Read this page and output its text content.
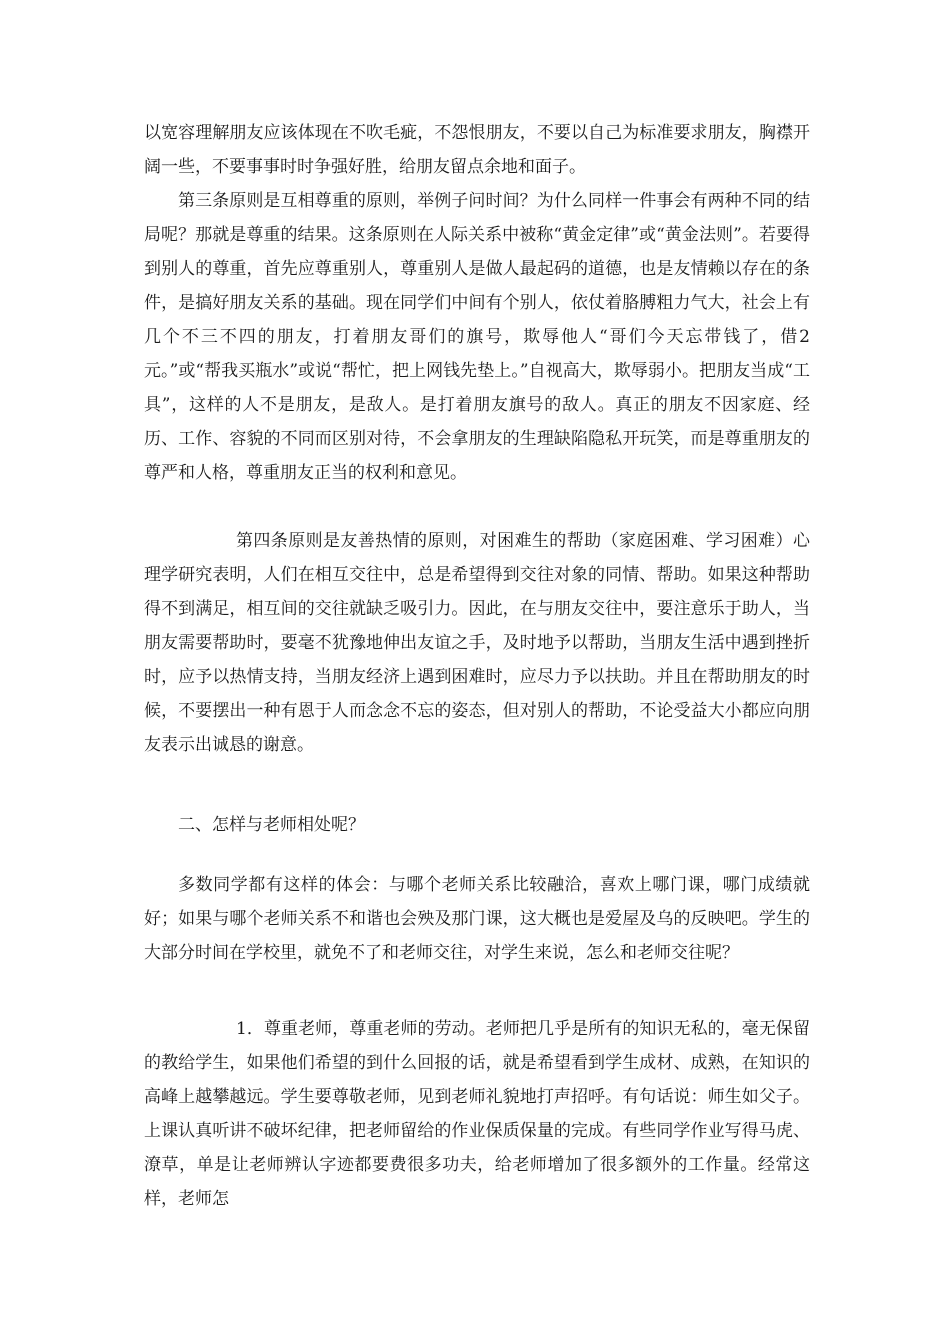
以宽容理解朋友应该体现在不吹毛疵，不怨恨朋友，不要以自己为标准要求朋友，胸襟开阔一些，不要事事时时争强好胜，给朋友留点余地和面子。

第三条原则是互相尊重的原则，举例子问时间？为什么同样一件事会有两种不同的结局呢？那就是尊重的结果。这条原则在人际关系中被称“黄金定律”或“黄金法则”。若要得到别人的尊重，首先应尊重别人，尊重别人是做人最起码的道德，也是友情赖以存在的条件，是搞好朋友关系的基础。现在同学们中间有个别人，依仗着胳膊粗力气大，社会上有几个不三不四的朋友，打着朋友哥们的旗号，欺辱他人“哥们今天忘带钱了，借2元。”或“帮我买瓶水”或说“帮忙，把上网钱先垫上。”自视高大，欺辱弱小。把朋友当成“工具”，这样的人不是朋友，是敌人。是打着朋友旗号的敌人。真正的朋友不因家庭、经历、工作、容貌的不同而区别对待，不会拿朋友的生理缺陷隐私开玩笑，而是尊重朋友的尊严和人格，尊重朋友正当的权利和意见。

第四条原则是友善热情的原则，对困难生的帮助（家庭困难、学习困难）心理学研究表明，人们在相互交往中，总是希望得到交往对象的同情、帮助。如果这种帮助得不到满足，相互间的交往就缺乏吸引力。因此，在与朋友交往中，要注意乐于助人，当朋友需要帮助时，要毫不犹豫地伸出友谊之手，及时地予以帮助，当朋友生活中遇到挫折时，应予以热情支持，当朋友经济上遇到困难时，应尽力予以扶助。并且在帮助朋友的时候，不要摆出一种有恩于人而念念不忘的姿态，但对别人的帮助，不论受益大小都应向朋友表示出诚恳的谢意。

二、怎样与老师相处呢？

多数同学都有这样的体会：与哪个老师关系比较融洽，喜欢上哪门课，哪门成绩就好；如果与哪个老师关系不和谐也会殃及那门课，这大概也是爱屋及乌的反映吧。学生的大部分时间在学校里，就免不了和老师交往，对学生来说，怎么和老师交往呢？

1．尊重老师，尊重老师的劳动。老师把几乎是所有的知识无私的，毫无保留的教给学生，如果他们希望的到什么回报的话，就是希望看到学生成材、成熟，在知识的高峰上越攀越远。学生要尊敬老师，见到老师礼貌地打声招呼。有句话说：师生如父子。上课认真听讲不破坏纪律，把老师留给的作业保质保量的完成。有些同学作业写得马虎、潦草，单是让老师辨认字迹都要费很多功夫，给老师增加了很多额外的工作量。经常这样，老师怎
